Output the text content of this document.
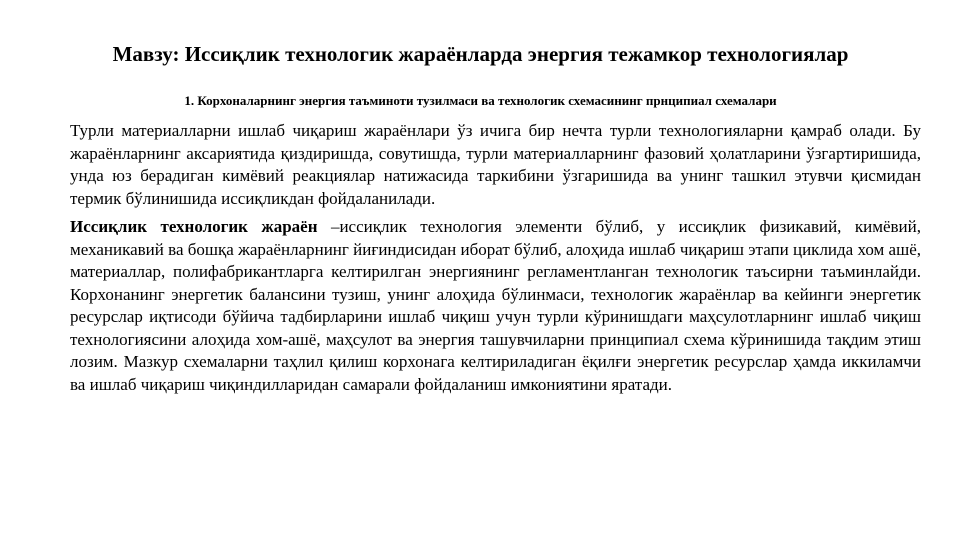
Мавзу: Иссиқлик технологик жараёнларда энергия тежамкор технологиялар
1. Корхоналарнинг энергия таъминоти тузилмаси ва технологик схемасининг прнципиал схемалари

Турли материалларни ишлаб чиқариш жараёнлари ўз ичига бир нечта турли технологияларни қамраб олади. Бу жараёнларнинг аксариятида қиздиришда, совутишда, турли материалларнинг фазовий ҳолатларини ўзгартиришида, унда юз берадиган кимёвий реакциялар натижасида таркибини ўзгаришида ва унинг ташкил этувчи қисмидан термик бўлинишида иссиқликдан фойдаланилади.

Иссиқлик технологик жараён –иссиқлик технология элементи бўлиб, у иссиқлик физикавий, кимёвий, механикавий ва бошқа жараёнларнинг йиғиндисидан иборат бўлиб, алоҳида ишлаб чиқариш этапи циклида хом ашё, материаллар, полифабрикантларга келтирилган энергиянинг регламентланган технологик таъсирни таъминлайди. Корхонанинг энергетик балансини тузиш, унинг алоҳида бўлинмаси, технологик жараёнлар ва кейинги энергетик ресурслар иқтисоди бўйича тадбирларини ишлаб чиқиш учун турли кўринишдаги маҳсулотларнинг ишлаб чиқиш технологиясини алоҳида хом-ашё, маҳсулот ва энергия ташувчиларни принципиал схема кўринишида тақдим этиш лозим. Мазкур схемаларни таҳлил қилиш корхонага келтириладиган ёқилғи энергетик ресурслар ҳамда иккиламчи ва ишлаб чиқариш чиқиндилларидан самарали фойдаланиш имкониятини яратади.
